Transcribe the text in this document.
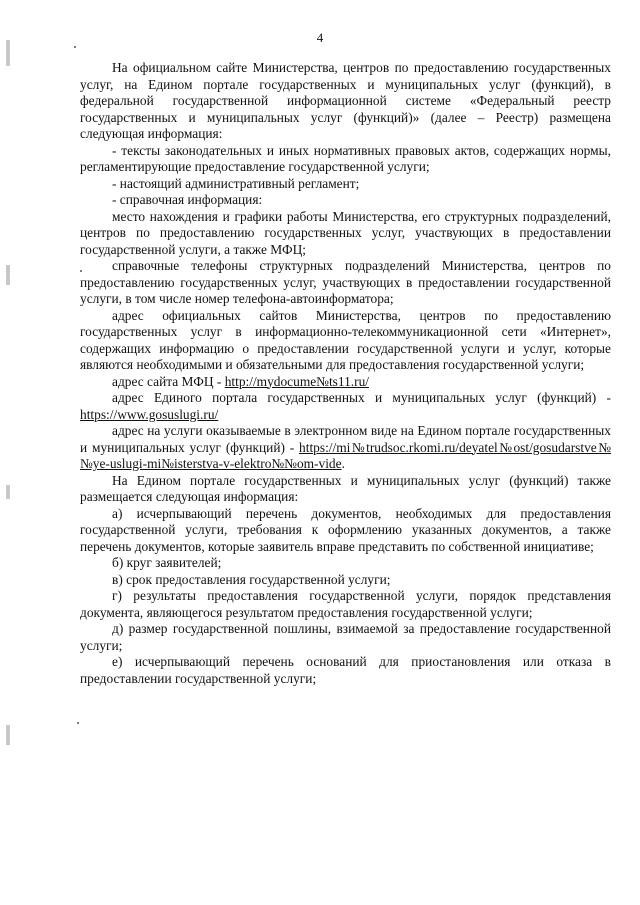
4

На официальном сайте Министерства, центров по предоставлению государственных услуг, на Едином портале государственных и муниципальных услуг (функций), в федеральной государственной информационной системе «Федеральный реестр государственных и муниципальных услуг (функций)» (далее – Реестр) размещена следующая информация:

- тексты законодательных и иных нормативных правовых актов, содержащих нормы, регламентирующие предоставление государственной услуги;

- настоящий административный регламент;

- справочная информация:

место нахождения и графики работы Министерства, его структурных подразделений, центров по предоставлению государственных услуг, участвующих в предоставлении государственной услуги, а также МФЦ;

справочные телефоны структурных подразделений Министерства, центров по предоставлению государственных услуг, участвующих в предоставлении государственной услуги, в том числе номер телефона-автоинформатора;

адрес официальных сайтов Министерства, центров по предоставлению государственных услуг в информационно-телекоммуникационной сети «Интернет», содержащих информацию о предоставлении государственной услуги и услуг, которые являются необходимыми и обязательными для предоставления государственной услуги;

адрес сайта МФЦ - http://mydocume№ts11.ru/

адрес Единого портала государственных и муниципальных услуг (функций) - https://www.gosuslugi.ru/

адрес на услуги оказываемые в электронном виде на Едином портале государственных и муниципальных услуг (функций) - https://mi№trudsoc.rkomi.ru/deyatel№ost/gosudarstve№№ye-uslugi-mi№isterstva-v-elektro№№om-vide.

На Едином портале государственных и муниципальных услуг (функций) также размещается следующая информация:

а) исчерпывающий перечень документов, необходимых для предоставления государственной услуги, требования к оформлению указанных документов, а также перечень документов, которые заявитель вправе представить по собственной инициативе;

б) круг заявителей;

в) срок предоставления государственной услуги;

г) результаты предоставления государственной услуги, порядок представления документа, являющегося результатом предоставления государственной услуги;

д) размер государственной пошлины, взимаемой за предоставление государственной услуги;

е) исчерпывающий перечень оснований для приостановления или отказа в предоставлении государственной услуги;
